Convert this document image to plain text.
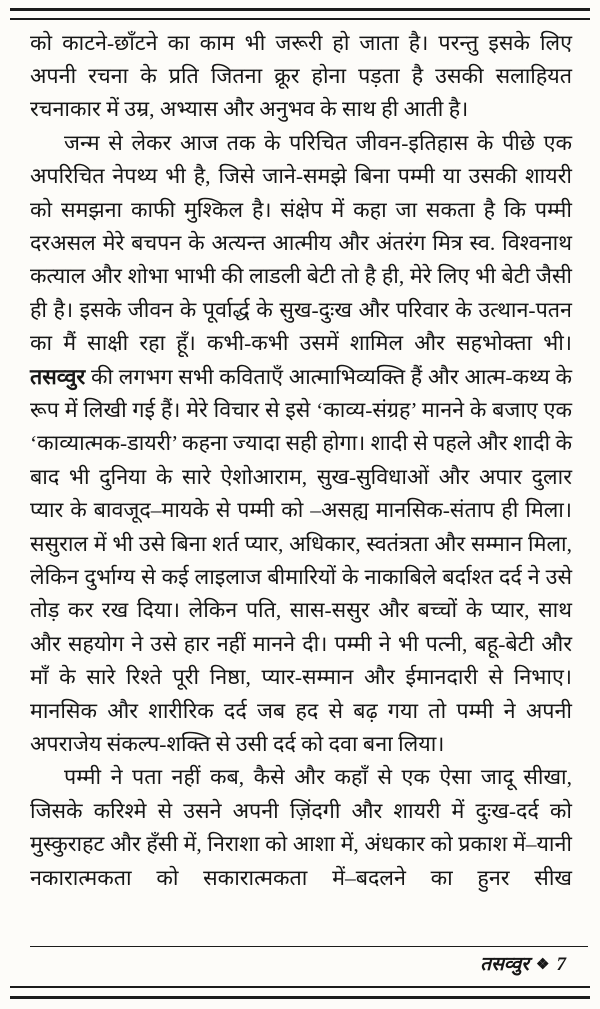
को काटने-छाँटने का काम भी जरूरी हो जाता है। परन्तु इसके लिए अपनी रचना के प्रति जितना क्रूर होना पड़ता है उसकी सलाहियत रचनाकार में उम्र, अभ्यास और अनुभव के साथ ही आती है।

जन्म से लेकर आज तक के परिचित जीवन-इतिहास के पीछे एक अपरिचित नेपथ्य भी है, जिसे जाने-समझे बिना पम्मी या उसकी शायरी को समझना काफी मुश्किल है। संक्षेप में कहा जा सकता है कि पम्मी दरअसल मेरे बचपन के अत्यन्त आत्मीय और अंतरंग मित्र स्व. विश्वनाथ कत्याल और शोभा भाभी की लाडली बेटी तो है ही, मेरे लिए भी बेटी जैसी ही है। इसके जीवन के पूर्वार्द्ध के सुख-दुःख और परिवार के उत्थान-पतन का मैं साक्षी रहा हूँ। कभी-कभी उसमें शामिल और सहभोक्ता भी। तसव्वुर की लगभग सभी कविताएँ आत्माभिव्यक्ति हैं और आत्म-कथ्य के रूप में लिखी गई हैं। मेरे विचार से इसे ‘काव्य-संग्रह’ मानने के बजाए एक ‘काव्यात्मक-डायरी’ कहना ज्यादा सही होगा। शादी से पहले और शादी के बाद भी दुनिया के सारे ऐशोआराम, सुख-सुविधाओं और अपार दुलार प्यार के बावजूद–मायके से पम्मी को –असह्य मानसिक-संताप ही मिला। ससुराल में भी उसे बिना शर्त प्यार, अधिकार, स्वतंत्रता और सम्मान मिला, लेकिन दुर्भाग्य से कई लाइलाज बीमारियों के नाकाबिले बर्दाश्त दर्द ने उसे तोड़ कर रख दिया। लेकिन पति, सास-ससुर और बच्चों के प्यार, साथ और सहयोग ने उसे हार नहीं मानने दी। पम्मी ने भी पत्नी, बहू-बेटी और माँ के सारे रिश्ते पूरी निष्ठा, प्यार-सम्मान और ईमानदारी से निभाए। मानसिक और शारीरिक दर्द जब हद से बढ़ गया तो पम्मी ने अपनी अपराजेय संकल्प-शक्ति से उसी दर्द को दवा बना लिया।

पम्मी ने पता नहीं कब, कैसे और कहाँ से एक ऐसा जादू सीखा, जिसके करिश्मे से उसने अपनी ज़िंदगी और शायरी में दुःख-दर्द को मुस्कुराहट और हँसी में, निराशा को आशा में, अंधकार को प्रकाश में–यानी नकारात्मकता को सकारात्मकता में–बदलने का हुनर सीख

तसव्वुर ❖ 7
